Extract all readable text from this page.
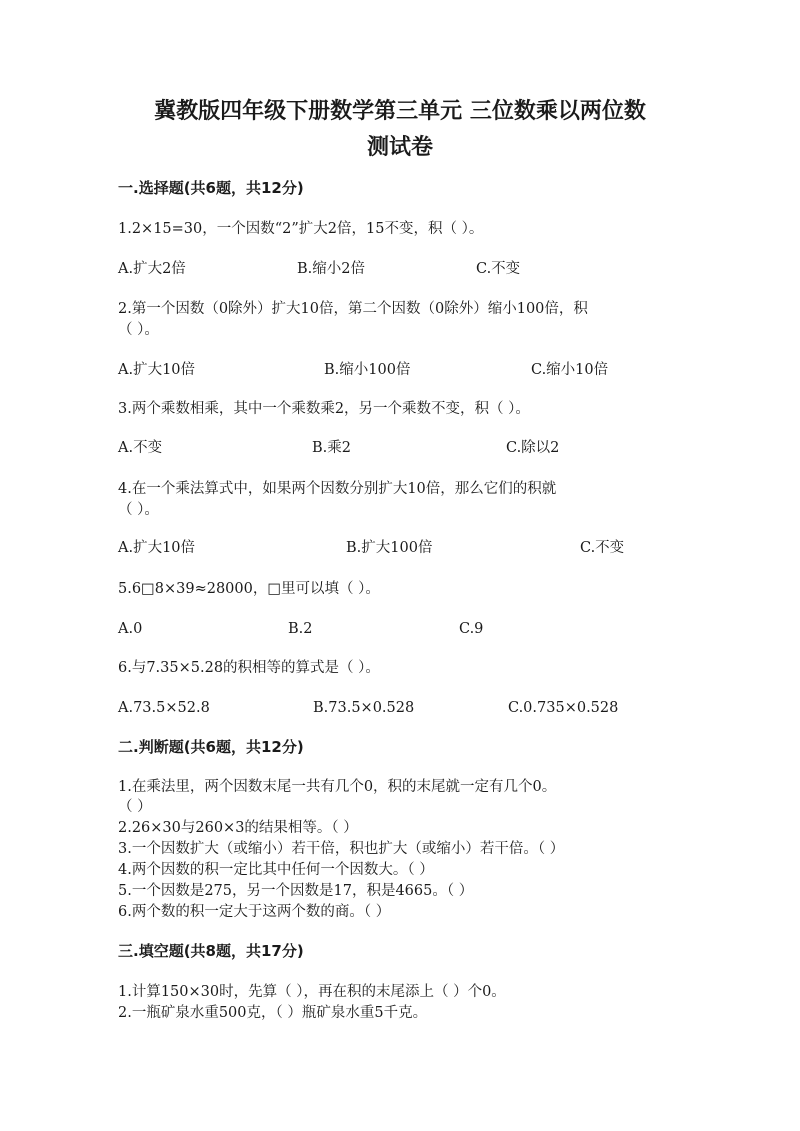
冀教版四年级下册数学第三单元 三位数乘以两位数
测试卷
一.选择题(共6题，共12分)
1.2×15=30，一个因数“2”扩大2倍，15不变，积（ ）。
A.扩大2倍	B.缩小2倍	C.不变
2.第一个因数（0除外）扩大10倍，第二个因数（0除外）缩小100倍，积
（ ）。
A.扩大10倍	B.缩小100倍	C.缩小10倍
3.两个乘数相乘，其中一个乘数乘2，另一个乘数不变，积（ ）。
A.不变	B.乘2	C.除以2
4.在一个乘法算式中，如果两个因数分别扩大10倍，那么它们的积就
（ ）。
A.扩大10倍	B.扩大100倍	C.不变
5.6□8×39≈28000，□里可以填（ ）。
A.0	B.2	C.9
6.与7.35×5.28的积相等的算式是（ ）。
A.73.5×52.8	B.73.5×0.528	C.0.735×0.528
二.判断题(共6题，共12分)
1.在乘法里，两个因数末尾一共有几个0，积的末尾就一定有几个0。
（ ）
2.26×30与260×3的结果相等。（ ）
3.一个因数扩大（或缩小）若干倍，积也扩大（或缩小）若干倍。（ ）
4.两个因数的积一定比其中任何一个因数大。（ ）
5.一个因数是275，另一个因数是17，积是4665。（ ）
6.两个数的积一定大于这两个数的商。（ ）
三.填空题(共8题，共17分)
1.计算150×30时，先算（ ），再在积的末尾添上（ ）个0。
2.一瓶矿泉水重500克，（ ）瓶矿泉水重5千克。
